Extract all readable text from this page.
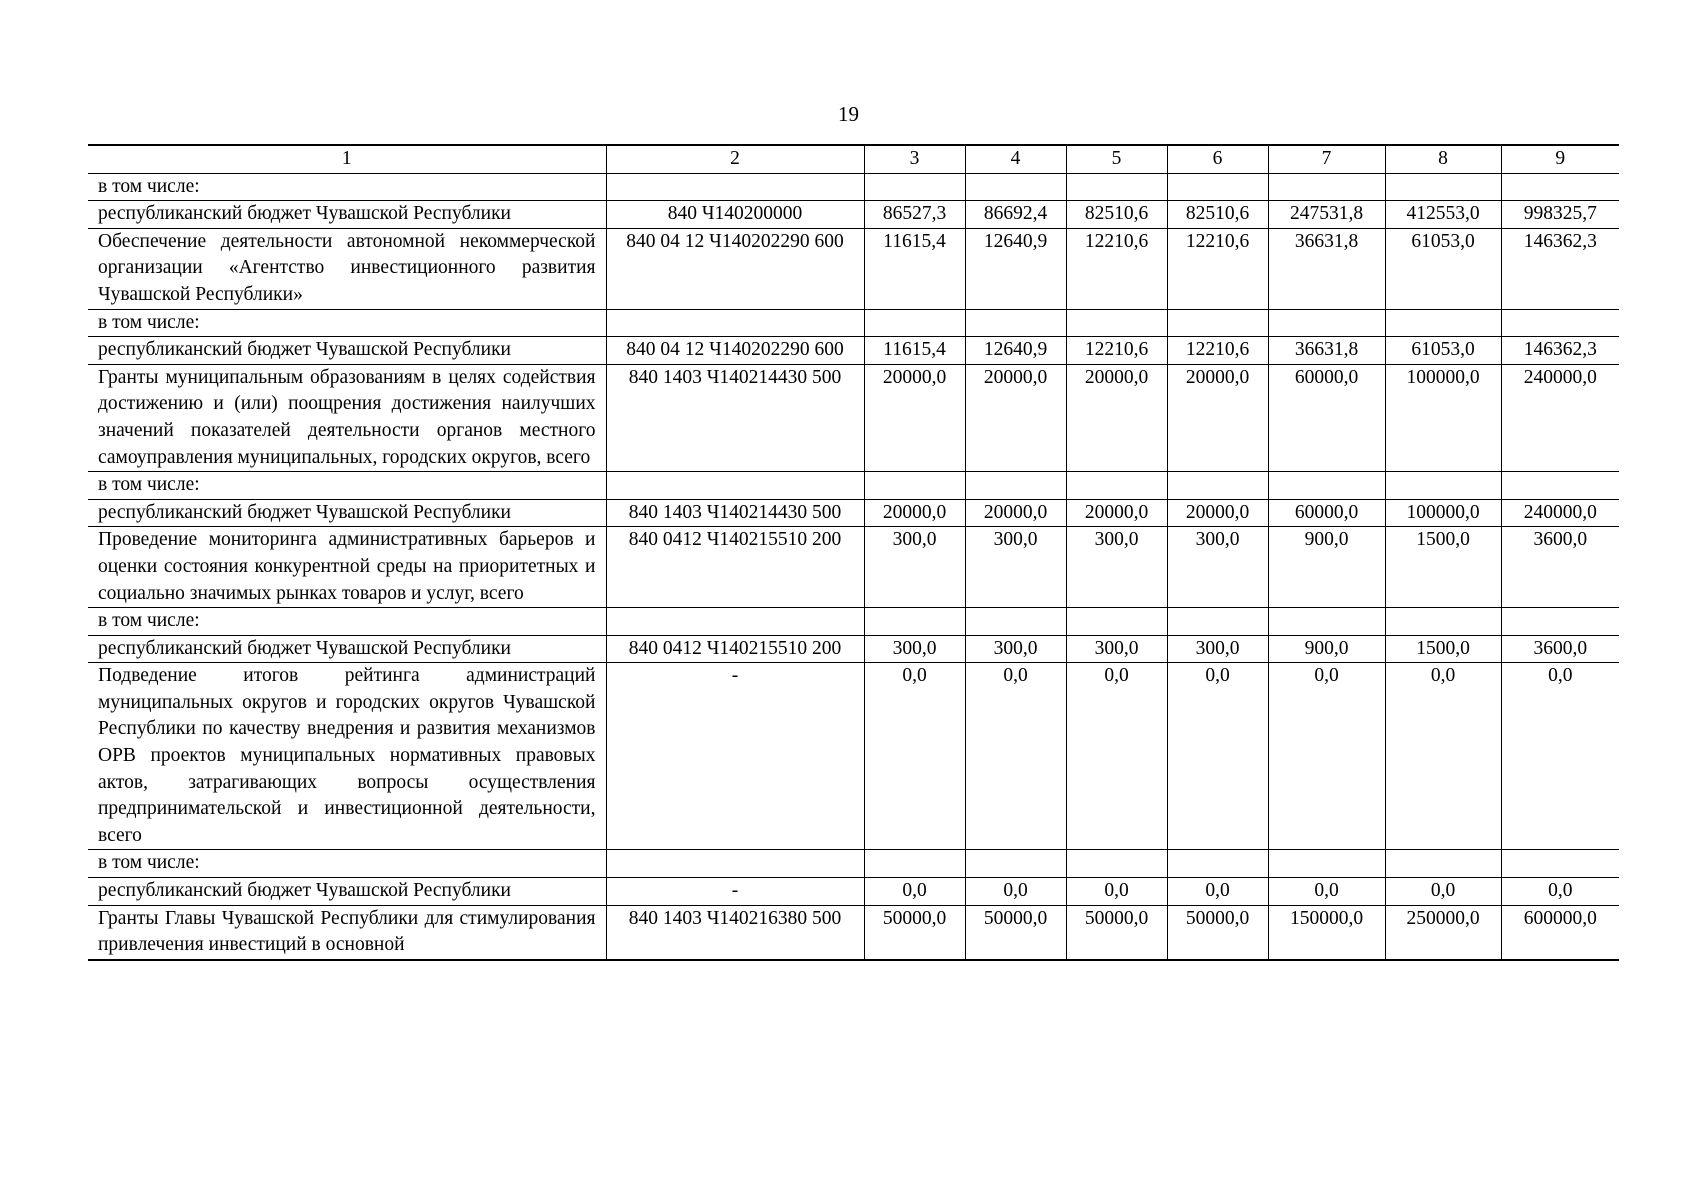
19
1	2	3	4	5	6	7	8	9
в том числе:								
республиканский бюджет Чувашской Республики	840 Ч140200000	86527,3	86692,4	82510,6	82510,6	247531,8	412553,0	998325,7
Обеспечение деятельности автономной некоммерческой организации «Агентство инвестиционного развития Чувашской Республики»	840 04 12 Ч140202290 600	11615,4	12640,9	12210,6	12210,6	36631,8	61053,0	146362,3
в том числе:								
республиканский бюджет Чувашской Республики	840 04 12 Ч140202290 600	11615,4	12640,9	12210,6	12210,6	36631,8	61053,0	146362,3
Гранты муниципальным образованиям в целях содействия достижению и (или) поощрения достижения наилучших значений показателей деятельности органов местного самоуправления муниципальных, городских округов, всего	840 1403 Ч140214430 500	20000,0	20000,0	20000,0	20000,0	60000,0	100000,0	240000,0
в том числе:								
республиканский бюджет Чувашской Республики	840 1403 Ч140214430 500	20000,0	20000,0	20000,0	20000,0	60000,0	100000,0	240000,0
Проведение мониторинга административных барьеров и оценки состояния конкурентной среды на приоритетных и социально значимых рынках товаров и услуг, всего	840 0412 Ч140215510 200	300,0	300,0	300,0	300,0	900,0	1500,0	3600,0
в том числе:								
республиканский бюджет Чувашской Республики	840 0412 Ч140215510 200	300,0	300,0	300,0	300,0	900,0	1500,0	3600,0
Подведение итогов рейтинга администраций муниципальных округов и городских округов Чувашской Республики по качеству внедрения и развития механизмов ОРВ проектов муниципальных нормативных правовых актов, затрагивающих вопросы осуществления предпринимательской и инвестиционной деятельности, всего	-	0,0	0,0	0,0	0,0	0,0	0,0	0,0
в том числе:								
республиканский бюджет Чувашской Республики	-	0,0	0,0	0,0	0,0	0,0	0,0	0,0
Гранты Главы Чувашской Республики для стимулирования привлечения инвестиций в основной	840 1403 Ч140216380 500	50000,0	50000,0	50000,0	50000,0	150000,0	250000,0	600000,0
